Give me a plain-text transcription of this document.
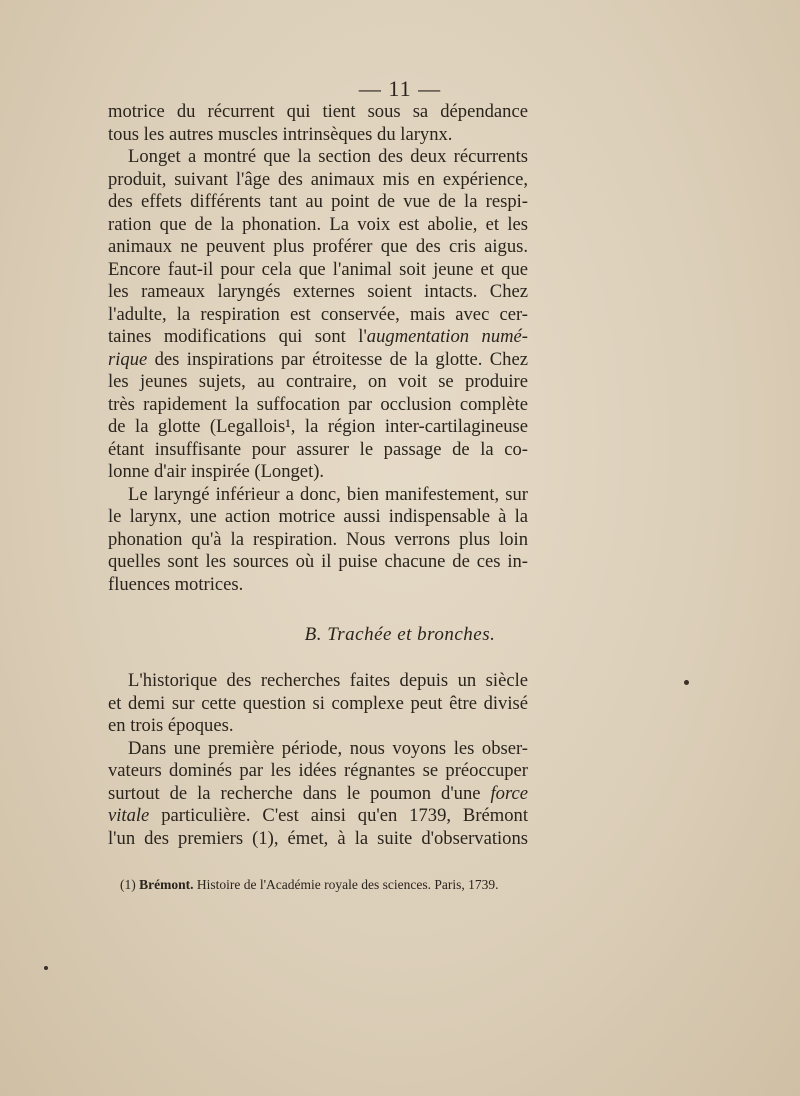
— 11 —
motrice du récurrent qui tient sous sa dépendance
tous les autres muscles intrinsèques du larynx.
Longet a montré que la section des deux récurrents
produit, suivant l'âge des animaux mis en expérience,
des effets différents tant au point de vue de la respi-
ration que de la phonation. La voix est abolie, et les
animaux ne peuvent plus proférer que des cris aigus.
Encore faut-il pour cela que l'animal soit jeune et que
les rameaux laryngés externes soient intacts. Chez
l'adulte, la respiration est conservée, mais avec cer-
taines modifications qui sont l'augmentation numé-
rique des inspirations par étroitesse de la glotte. Chez
les jeunes sujets, au contraire, on voit se produire
très rapidement la suffocation par occlusion complète
de la glotte (Legallois¹, la région inter-cartilagineuse
étant insuffisante pour assurer le passage de la co-
lonne d'air inspirée (Longet).
Le laryngé inférieur a donc, bien manifestement, sur
le larynx, une action motrice aussi indispensable à la
phonation qu'à la respiration. Nous verrons plus loin
quelles sont les sources où il puise chacune de ces in-
fluences motrices.
B. Trachée et bronches.
L'historique des recherches faites depuis un siècle
et demi sur cette question si complexe peut être divisé
en trois époques.
Dans une première période, nous voyons les obser-
vateurs dominés par les idées régnantes se préoccuper
surtout de la recherche dans le poumon d'une force
vitale particulière. C'est ainsi qu'en 1739, Brémont
l'un des premiers (1), émet, à la suite d'observations
(1) Brémont. Histoire de l'Académie royale des sciences. Paris, 1739.
